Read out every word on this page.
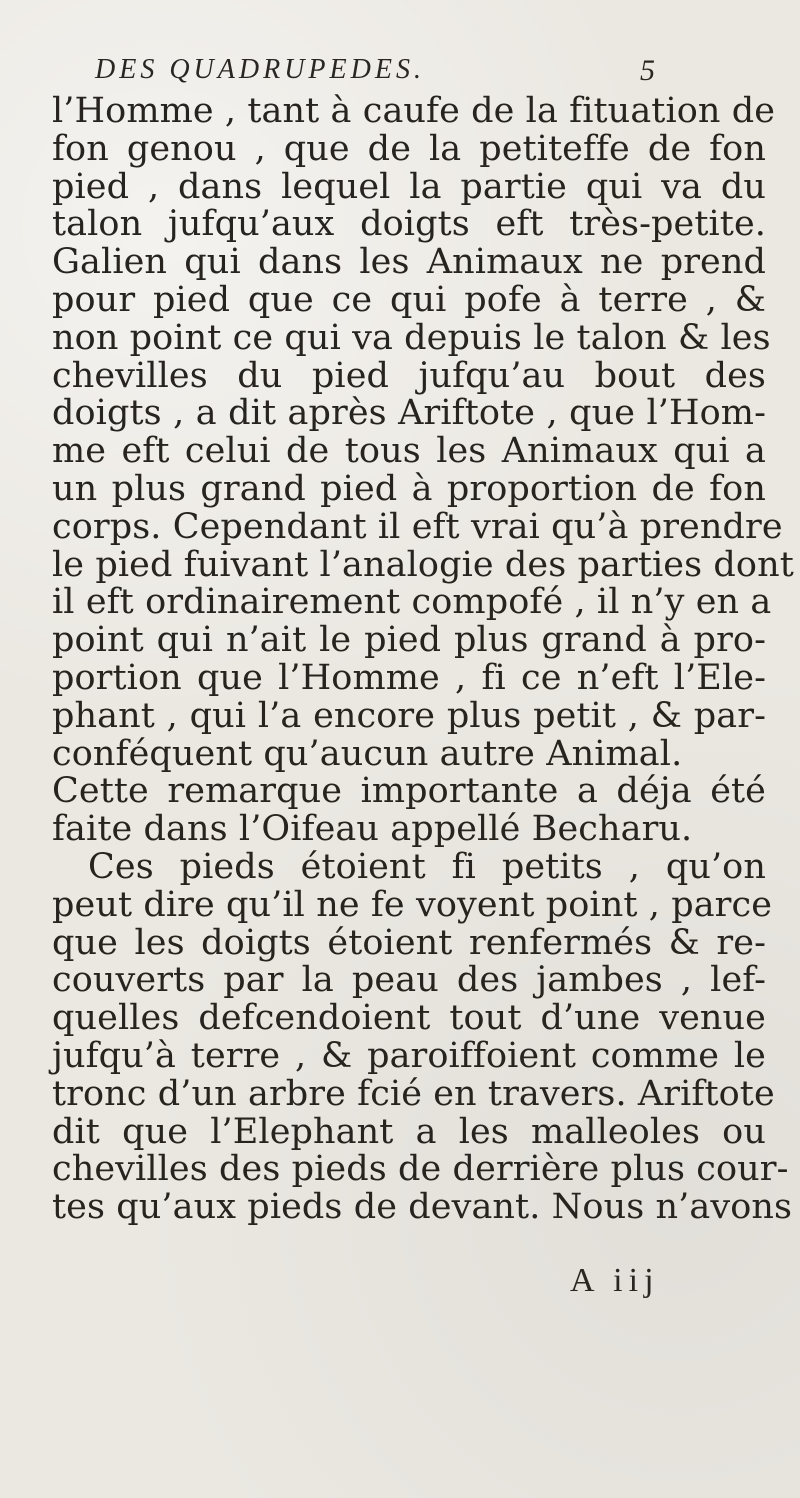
DES QUADRUPEDES.	5
l’Homme , tant à caufe de la fituation de
fon genou , que de la petiteffe de fon
pied , dans lequel la partie qui va du
talon jufqu’aux doigts eft très-petite.
Galien qui dans les Animaux ne prend
pour pied que ce qui pofe à terre , &
non point ce qui va depuis le talon & les
chevilles du pied jufqu’au bout des
doigts , a dit après Ariftote , que l’Hom-
me eft celui de tous les Animaux qui a
un plus grand pied à proportion de fon
corps. Cependant il eft vrai qu’à prendre
le pied fuivant l’analogie des parties dont
il eft ordinairement compofé , il n’y en a
point qui n’ait le pied plus grand à pro-
portion que l’Homme , fi ce n’eft l’Ele-
phant , qui l’a encore plus petit , & par-
conféquent qu’aucun autre Animal.
Cette remarque importante a déja été
faite dans l’Oifeau appellé Becharu.
Ces pieds étoient fi petits , qu’on
peut dire qu’il ne fe voyent point , parce
que les doigts étoient renfermés & re-
couverts par la peau des jambes , lef-
quelles defcendoient tout d’une venue
jufqu’à terre , & paroiffoient comme le
tronc d’un arbre fcié en travers. Ariftote
dit que l’Elephant a les malleoles ou
chevilles des pieds de derrière plus cour-
tes qu’aux pieds de devant. Nous n’avons
A iij
